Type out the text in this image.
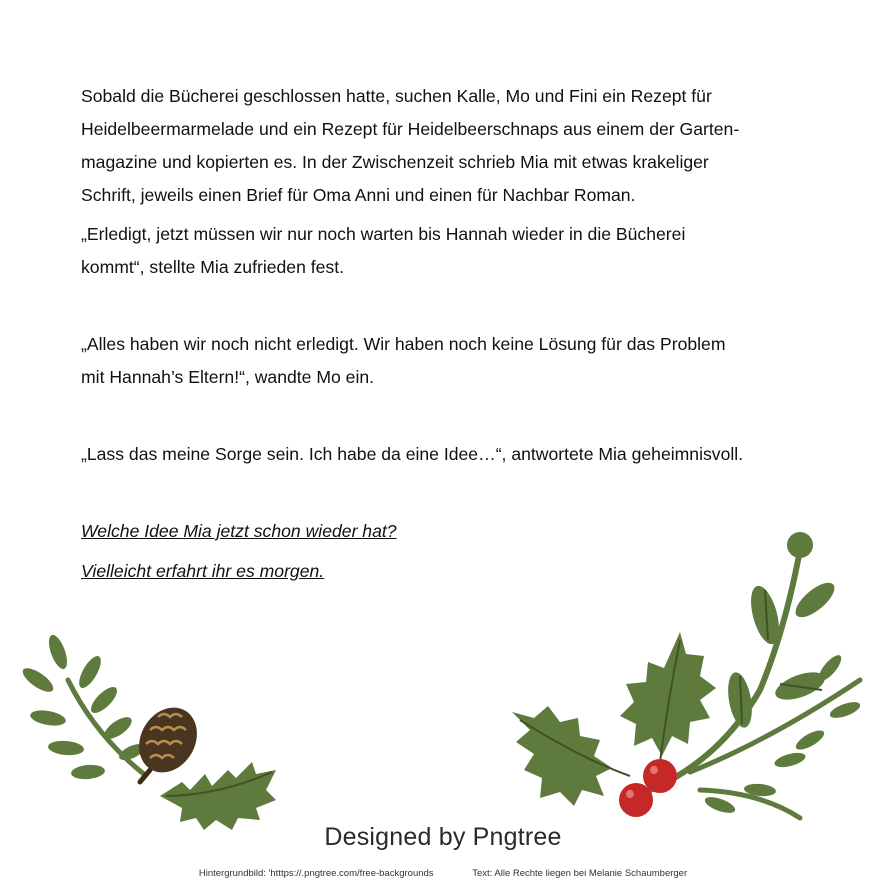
Sobald die Bücherei geschlossen hatte, suchen Kalle, Mo und Fini ein Rezept für
Heidelbeermarmelade und ein Rezept für Heidelbeerschnaps aus einem der Garten-
magazine und kopierten es. In der Zwischenzeit schrieb Mia mit etwas krakeliger
Schrift, jeweils einen Brief für Oma Anni und einen für Nachbar Roman.

„Erledigt, jetzt müssen wir nur noch warten bis Hannah wieder in die Bücherei
kommt“, stellte Mia zufrieden fest.

„Alles haben wir noch nicht erledigt. Wir haben noch keine Lösung für das Problem
mit Hannah’s Eltern!“, wandte Mo ein.

„Lass das meine Sorge sein. Ich habe da eine Idee…“, antwortete Mia geheimnisvoll.

Welche Idee Mia jetzt schon wieder hat?

Vielleicht erfahrt ihr es morgen.

Designed by Pngtree
Hintergrundbild: 'htttps://.pngtree.com/free-backgrounds	Text: Alle Rechte liegen bei Melanie Schaumberger
